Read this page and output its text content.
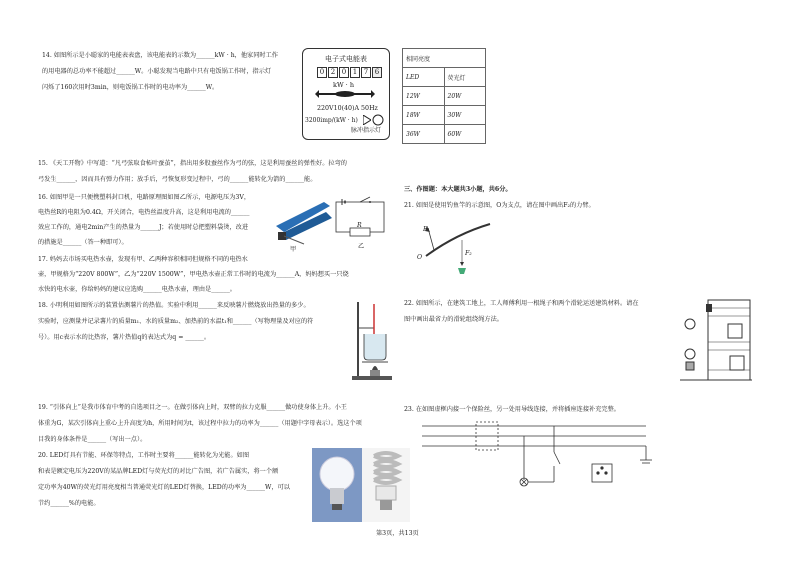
14. 如图所示是小聪家的电能表表盘，该电能表的示数为______kW · h，他家同时工作
的用电器的总功率不能超过______W。小聪发现当电路中只有电饭锅工作时，指示灯
闪烁了160次用时3min，则电饭锅工作时的电功率为______W。
电子式电能表
0 2 0 1 7 6
kW · h
220V10(40)A 50Hz
3200imp/(kW · h)
脉冲指示灯
相同亮度	
LED	荧光灯
12W	20W
18W	30W
36W	60W
15. 《天工开物》中写道：“凡弓弦取食柘叶蚕茧”，指出用多股蚕丝作为弓的弦，这是利用蚕丝的弹性好。拉弯的
弓发生______，因而具有弹力作用；放手后，弓恢复形变过程中，弓的______能转化为箭的______能。
16. 如图甲是一只便携塑料封口机，电路原理图如图乙所示，电源电压为3V，
电热丝R的电阻为0.4Ω，开关闭合，电热丝温度升高，这是利用电流的______
效应工作的，通电2min产生的热量为______J；若使用时总把塑料袋烫，改进
的措施是______（答一种即可）。
甲
R
乙
17. 妈妈去市场买电热水壶，发现有甲、乙两种容积相同但规格不同的电热水
壶，甲规格为“220V 800W”，乙为“220V 1500W”，甲电热水壶正常工作时的电流为______A，妈妈想买一只烧
水快的电水壶，你给妈妈的建议应选购______电热水壶，理由是______。
18. 小明利用如图所示的装置估测薯片的热值。实验中利用______来反映薯片燃烧放出热量的多少。
实验时，应测量并记录薯片的质量m₁、水的质量m₂、加热前的水温t₁和______（写物理量及对应的符
号）。用c表示水的比热容，薯片热值q的表达式为q = ______。
19. “引体向上”是我市体育中考的自选项目之一。在做引体向上时，双臂的拉力克服______做功使身体上升。小王
体重为G，某次引体向上重心上升高度为h，所用时间为t，该过程中拉力的功率为______（用题中字母表示）。选这个项
目我的身体条件是______（写出一点）。
20. LED灯具有节能、环保等特点，工作时主要将______能转化为光能。如图
和表是额定电压为220V的某品牌LED灯与荧光灯的对比广告图，若广告属实，将一个额
定功率为40W的荧光灯用亮度相当普通荧光灯的LED灯替换，LED的功率为______W，可以
节约______%的电能。
三、作图题：本大题共3小题，共6分。
21. 如图是使用钓鱼竿的示意图，O为支点，请在图中画出F₂的力臂。
F₁
F₂
O
22. 如图所示，在建筑工地上，工人师傅利用一根绳子和两个滑轮运送建筑材料。请在
图中画出最省力的滑轮组绕绳方法。
23. 在如图虚框内接一个保险丝，另一处用导线连接，并将插座连接补充完整。
第3页，共13页
